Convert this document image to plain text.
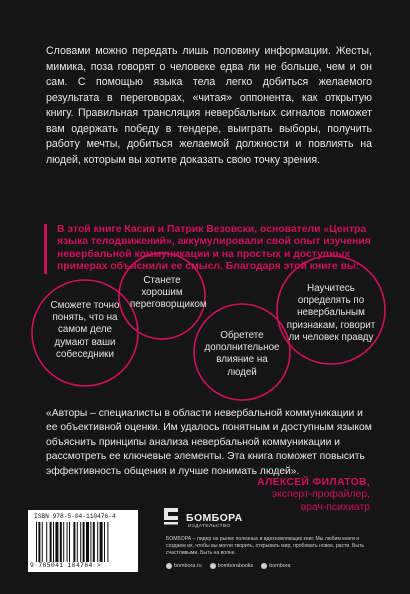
Словами можно передать лишь половину информации. Жесты, мимика, поза говорят о человеке едва ли не больше, чем и он сам. С помощью языка тела легко добиться желаемого результата в переговорах, «читая» оппонента, как открытую книгу. Правильная трансляция невербальных сигналов поможет вам одержать победу в тендере, выиграть выборы, получить работу мечты, добиться желаемой должности и повлиять на людей, которым вы хотите доказать свою точку зрения.

В этой книге Касия и Патрик Везовски, основатели «Центра языка телодвижений», аккумулировали свой опыт изучения невербальной коммуникации и на простых и доступных примерах объяснили ее смысл. Благодаря этой книге вы:
Сможете точно понять, что на самом деле думают ваши собеседники
Станете хорошим переговорщиком
Обретете дополнительное влияние на людей
Научитесь определять по невербальным признакам, говорит ли человек правду
«Авторы – специалисты в области невербальной коммуникации и ее объективной оценки. Им удалось понятным и доступным языком объяснить принципы анализа невербальной коммуникации и рассмотреть ее ключевые элементы. Эта книга поможет повысить эффективность общения и лучше понимать людей».
АЛЕКСЕЙ ФИЛАТОВ,
эксперт-профайлер,
врач-психиатр
ISBN 978-5-04-110476-4
9 785041 104764 >
БОМБОРА
ИЗДАТЕЛЬСТВО
БОМБОРА – лидер на рынке полезных и вдохновляющих книг. Мы любим книги и создаем их, чтобы вы могли творить, открывать мир, пробовать новое, расти. Быть счастливыми. Быть на волне.
bombora.ru	bomborabooks	bombora
